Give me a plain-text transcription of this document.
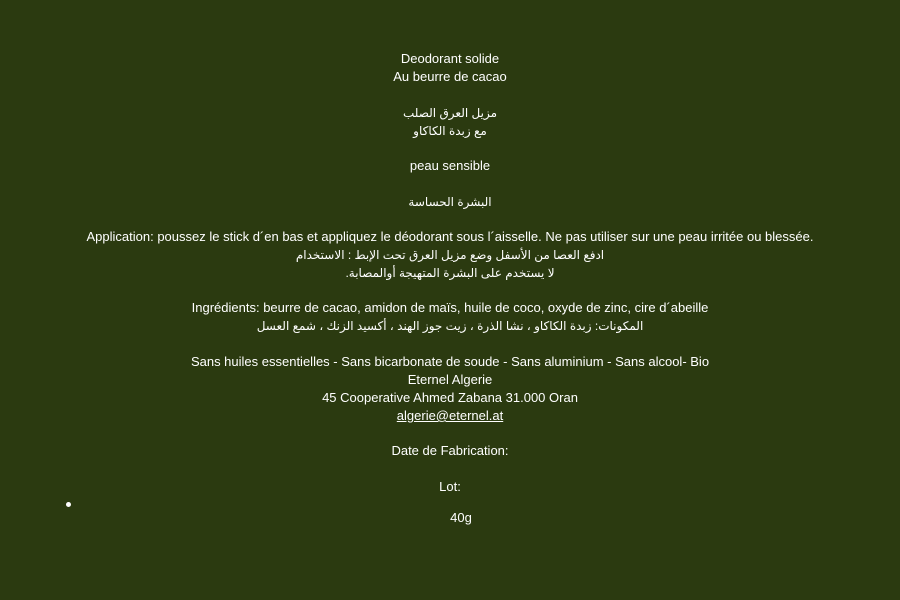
Deodorant solide

Au beurre de cacao

مزيل العرق الصلب

مع زبدة الكاكاو

peau sensible

البشرة الحساسة

Application: poussez le stick d´en bas et appliquez le déodorant sous l´aisselle. Ne pas utiliser sur une peau irritée ou blessée.

ادفع العصا من الأسفل وضع مزيل العرق تحت الإبط : الاستخدام

لا يستخدم على البشرة المتهيجة أوالمصابة.

Ingrédients: beurre de cacao, amidon de maïs, huile de coco, oxyde de zinc, cire d´abeille

المكونات: زبدة الكاكاو ، نشا الذرة ، زيت جوز الهند ، أكسيد الزنك ، شمع العسل

Sans huiles essentielles - Sans bicarbonate de soude - Sans aluminium - Sans alcool- Bio

Eternel Algerie

45 Cooperative Ahmed Zabana 31.000 Oran

algerie@eternel.at

Date de Fabrication:

Lot:

40g
